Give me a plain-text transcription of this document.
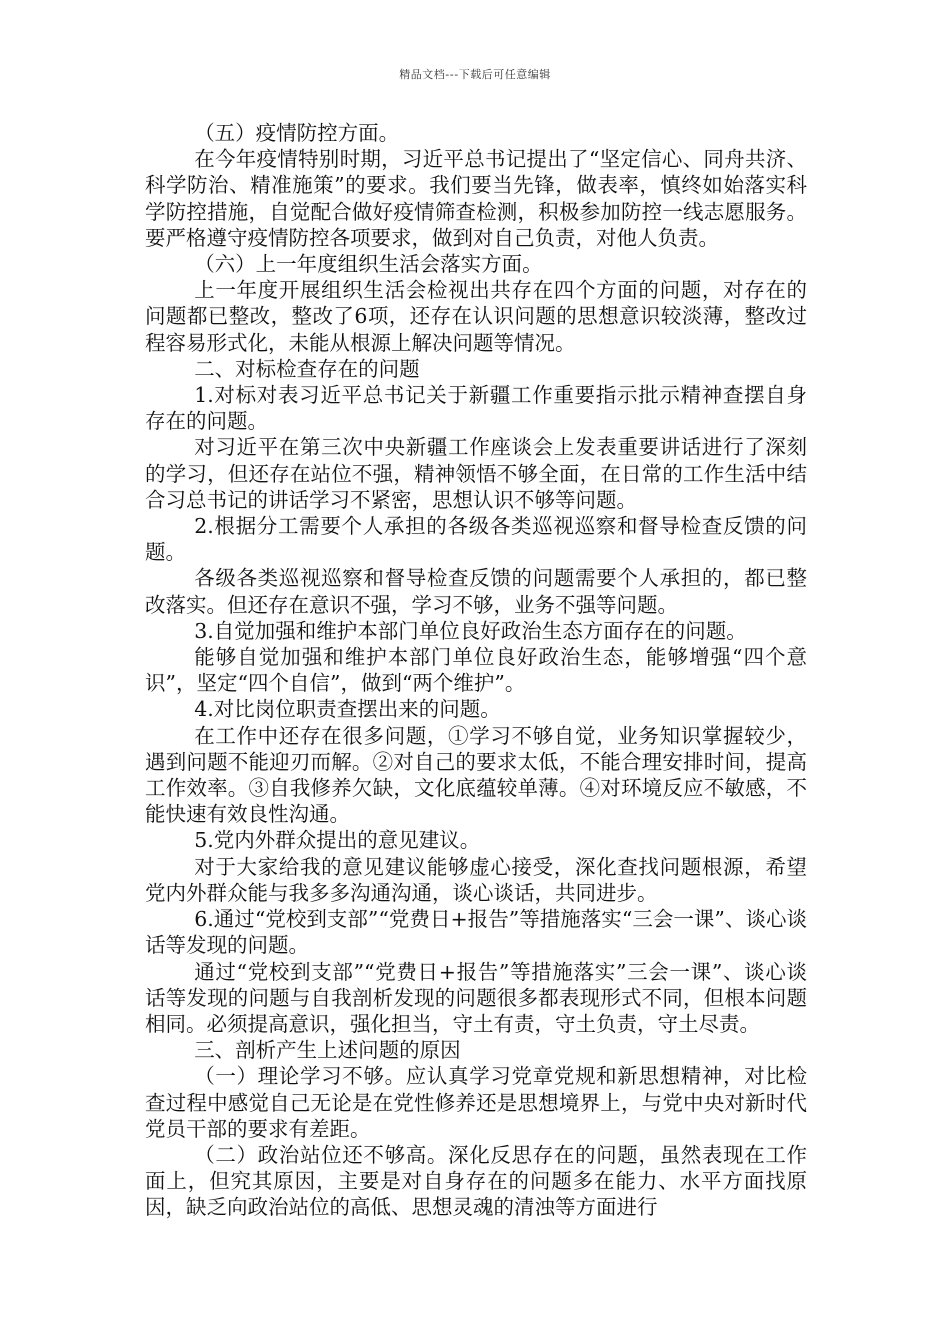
精品文档---下载后可任意编辑

（五）疫情防控方面。

在今年疫情特别时期，习近平总书记提出了“坚定信心、同舟共济、科学防治、精准施策”的要求。我们要当先锋，做表率，慎终如始落实科学防控措施，自觉配合做好疫情筛查检测，积极参加防控一线志愿服务。要严格遵守疫情防控各项要求，做到对自己负责，对他人负责。

（六）上一年度组织生活会落实方面。

上一年度开展组织生活会检视出共存在四个方面的问题，对存在的问题都已整改，整改了6项，还存在认识问题的思想意识较淡薄，整改过程容易形式化，未能从根源上解决问题等情况。

二、对标检查存在的问题

1.对标对表习近平总书记关于新疆工作重要指示批示精神查摆自身存在的问题。

对习近平在第三次中央新疆工作座谈会上发表重要讲话进行了深刻的学习，但还存在站位不强，精神领悟不够全面，在日常的工作生活中结合习总书记的讲话学习不紧密，思想认识不够等问题。

2.根据分工需要个人承担的各级各类巡视巡察和督导检查反馈的问题。

各级各类巡视巡察和督导检查反馈的问题需要个人承担的，都已整改落实。但还存在意识不强，学习不够，业务不强等问题。

3.自觉加强和维护本部门单位良好政治生态方面存在的问题。

能够自觉加强和维护本部门单位良好政治生态，能够增强“四个意识”，坚定“四个自信”，做到“两个维护”。

4.对比岗位职责查摆出来的问题。

在工作中还存在很多问题，①学习不够自觉，业务知识掌握较少，遇到问题不能迎刃而解。②对自己的要求太低，不能合理安排时间，提高工作效率。③自我修养欠缺，文化底蕴较单薄。④对环境反应不敏感，不能快速有效良性沟通。

5.党内外群众提出的意见建议。

对于大家给我的意见建议能够虚心接受，深化查找问题根源，希望党内外群众能与我多多沟通沟通，谈心谈话，共同进步。

6.通过“党校到支部”“党费日+报告”等措施落实“三会一课”、谈心谈话等发现的问题。

通过“党校到支部”“党费日+报告”等措施落实”三会一课”、谈心谈话等发现的问题与自我剖析发现的问题很多都表现形式不同，但根本问题相同。必须提高意识，强化担当，守土有责，守土负责，守土尽责。

三、剖析产生上述问题的原因

（一）理论学习不够。应认真学习党章党规和新思想精神，对比检查过程中感觉自己无论是在党性修养还是思想境界上，与党中央对新时代党员干部的要求有差距。

（二）政治站位还不够高。深化反思存在的问题，虽然表现在工作面上，但究其原因，主要是对自身存在的问题多在能力、水平方面找原因，缺乏向政治站位的高低、思想灵魂的清浊等方面进行
